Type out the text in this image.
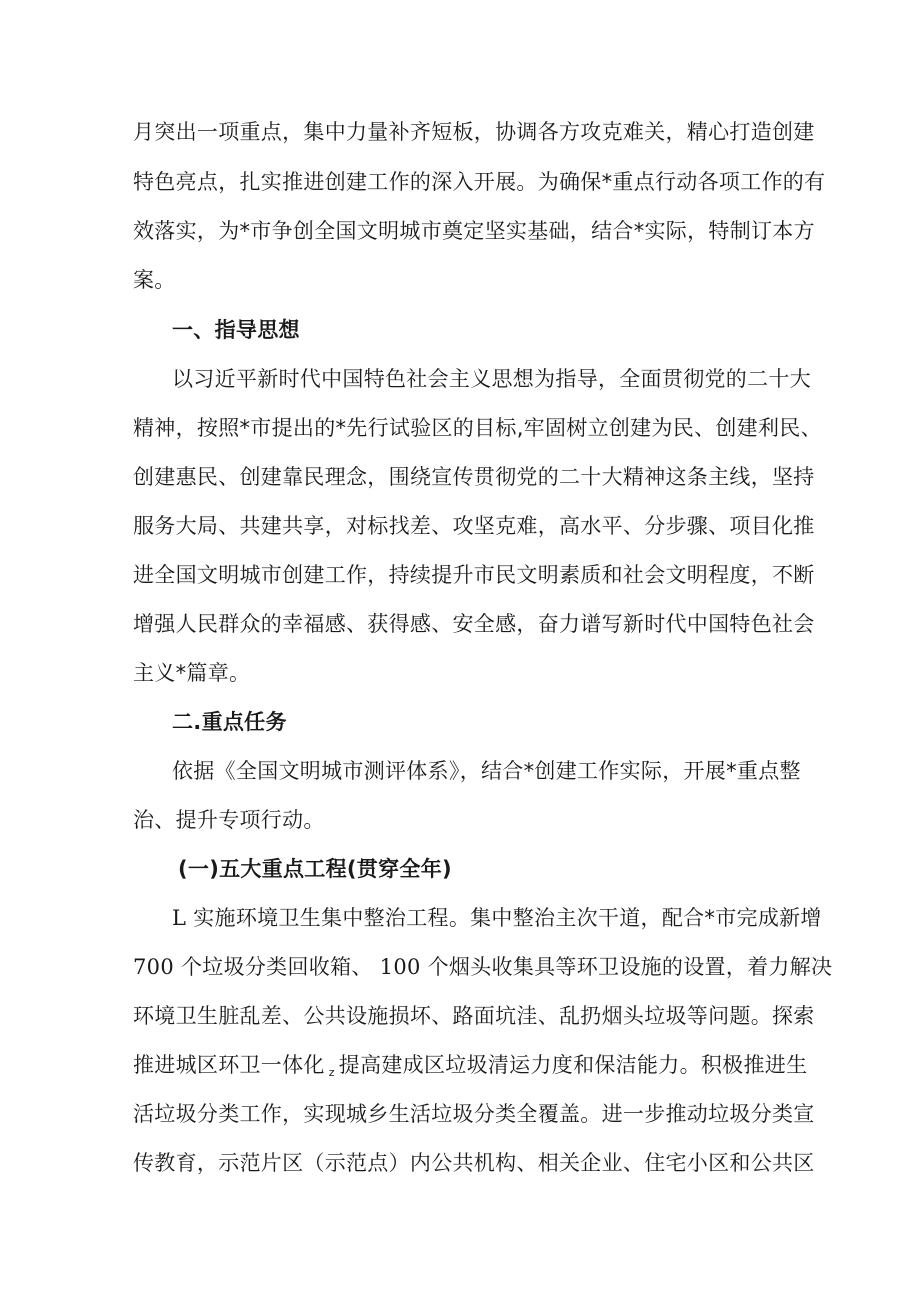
月突出一项重点，集中力量补齐短板，协调各方攻克难关，精心打造创建
特色亮点，扎实推进创建工作的深入开展。为确保*重点行动各项工作的有
效落实，为*市争创全国文明城市奠定坚实基础，结合*实际，特制订本方
案。
一、指导思想
以习近平新时代中国特色社会主义思想为指导，全面贯彻党的二十大
精神，按照*市提出的*先行试验区的目标,牢固树立创建为民、创建利民、
创建惠民、创建靠民理念，围绕宣传贯彻党的二十大精神这条主线，坚持
服务大局、共建共享，对标找差、攻坚克难，高水平、分步骤、项目化推
进全国文明城市创建工作，持续提升市民文明素质和社会文明程度，不断
增强人民群众的幸福感、获得感、安全感，奋力谱写新时代中国特色社会
主义*篇章。
二.重点任务
依据《全国文明城市测评体系》，结合*创建工作实际，开展*重点整
治、提升专项行动。
(一)五大重点工程(贯穿全年)
L 实施环境卫生集中整治工程。集中整治主次干道，配合*市完成新增
700 个垃圾分类回收箱、 100 个烟头收集具等环卫设施的设置，着力解决
环境卫生脏乱差、公共设施损坏、路面坑洼、乱扔烟头垃圾等问题。探索
推进城区环卫一体化 z 提高建成区垃圾清运力度和保洁能力。积极推进生
活垃圾分类工作，实现城乡生活垃圾分类全覆盖。进一步推动垃圾分类宣
传教育，示范片区（示范点）内公共机构、相关企业、住宅小区和公共区
